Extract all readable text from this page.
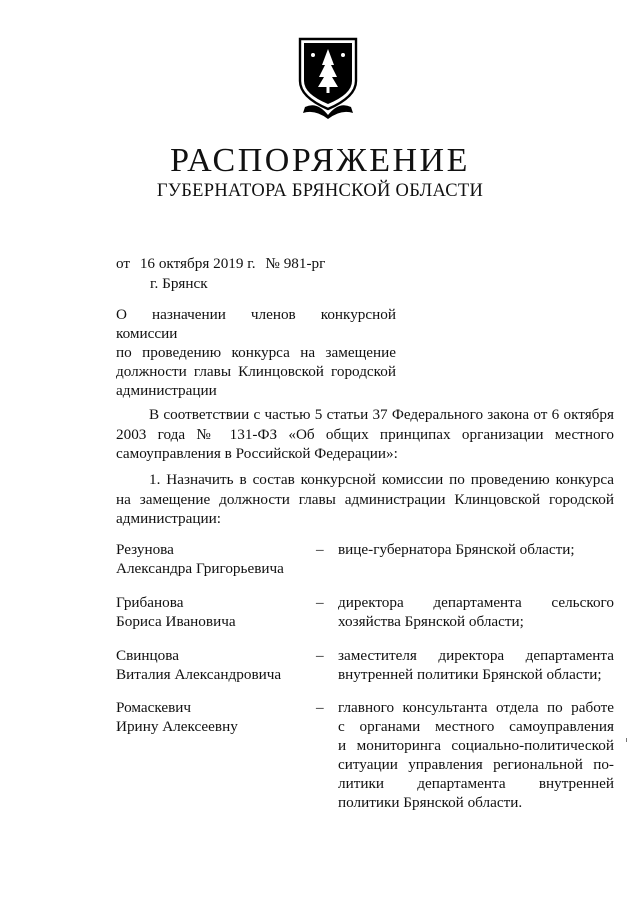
РАСПОРЯЖЕНИЕ
ГУБЕРНАТОРА БРЯНСКОЙ ОБЛАСТИ
от 16 октября 2019 г. № 981-рг
г. Брянск
О назначении членов конкурсной комиссии
по проведению конкурса на замещение
должности главы Клинцовской городской
администрации
В соответствии с частью 5 статьи 37 Федерального закона от 6 октября
2003 года № 131-ФЗ «Об общих принципах организации местного
самоуправления в Российской Федерации»:
1. Назначить в состав конкурсной комиссии по проведению конкурса
на замещение должности главы администрации Клинцовской городской
администрации:
Резунова
Александра Григорьевича
– вице-губернатора Брянской области;
Грибанова
Бориса Ивановича
– директора департамента сельского
хозяйства Брянской области;
Свинцова
Виталия Александровича
– заместителя директора департамента
внутренней политики Брянской области;
Ромаскевич
Ирину Алексеевну
– главного консультанта отдела по работе
с органами местного самоуправления
и мониторинга социально-политической
ситуации управления региональной по-
литики департамента внутренней
политики Брянской области.
